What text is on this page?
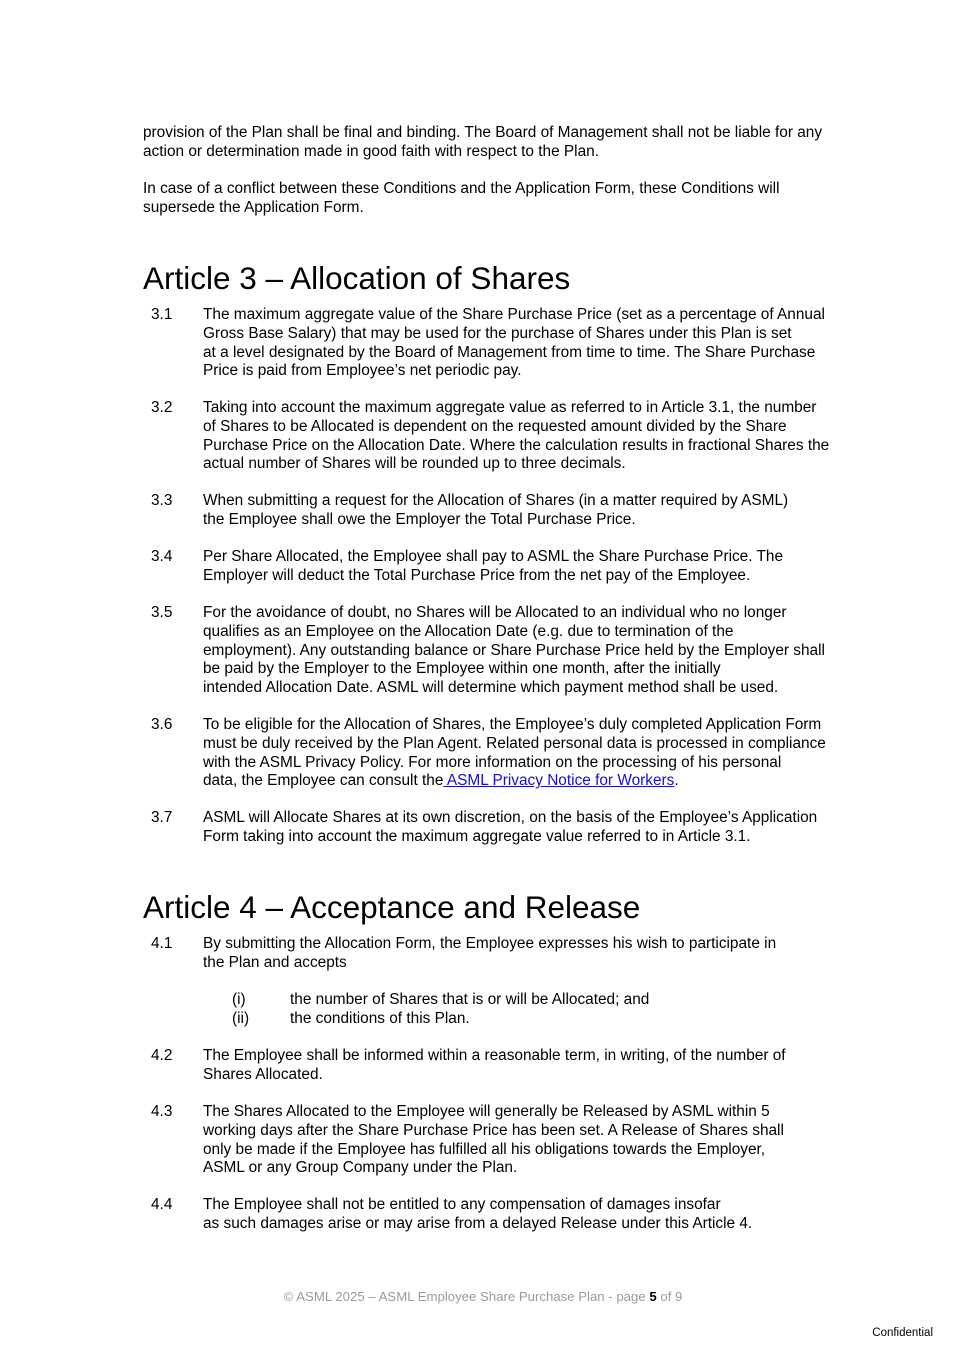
provision of the Plan shall be final and binding. The Board of Management shall not be liable for any
action or determination made in good faith with respect to the Plan.

In case of a conflict between these Conditions and the Application Form, these Conditions will
supersede the Application Form.

Article 3 – Allocation of Shares
3.1 The maximum aggregate value of the Share Purchase Price (set as a percentage of Annual
Gross Base Salary) that may be used for the purchase of Shares under this Plan is set
at a level designated by the Board of Management from time to time. The Share Purchase
Price is paid from Employee’s net periodic pay.

3.2 Taking into account the maximum aggregate value as referred to in Article 3.1, the number
of Shares to be Allocated is dependent on the requested amount divided by the Share
Purchase Price on the Allocation Date. Where the calculation results in fractional Shares the
actual number of Shares will be rounded up to three decimals.

3.3 When submitting a request for the Allocation of Shares (in a matter required by ASML)
the Employee shall owe the Employer the Total Purchase Price.

3.4 Per Share Allocated, the Employee shall pay to ASML the Share Purchase Price. The
Employer will deduct the Total Purchase Price from the net pay of the Employee.

3.5 For the avoidance of doubt, no Shares will be Allocated to an individual who no longer
qualifies as an Employee on the Allocation Date (e.g. due to termination of the
employment). Any outstanding balance or Share Purchase Price held by the Employer shall
be paid by the Employer to the Employee within one month, after the initially
intended Allocation Date. ASML will determine which payment method shall be used.

3.6 To be eligible for the Allocation of Shares, the Employee’s duly completed Application Form
must be duly received by the Plan Agent. Related personal data is processed in compliance
with the ASML Privacy Policy. For more information on the processing of his personal
data, the Employee can consult the ASML Privacy Notice for Workers.

3.7 ASML will Allocate Shares at its own discretion, on the basis of the Employee’s Application
Form taking into account the maximum aggregate value referred to in Article 3.1.

Article 4 – Acceptance and Release
4.1 By submitting the Allocation Form, the Employee expresses his wish to participate in
the Plan and accepts

(i)	the number of Shares that is or will be Allocated; and
(ii)	the conditions of this Plan.
4.2 The Employee shall be informed within a reasonable term, in writing, of the number of
Shares Allocated.

4.3 The Shares Allocated to the Employee will generally be Released by ASML within 5
working days after the Share Purchase Price has been set. A Release of Shares shall
only be made if the Employee has fulfilled all his obligations towards the Employer,
ASML or any Group Company under the Plan.

4.4 The Employee shall not be entitled to any compensation of damages insofar
as such damages arise or may arise from a delayed Release under this Article 4.

© ASML 2025 – ASML Employee Share Purchase Plan - page 5 of 9
Confidential
